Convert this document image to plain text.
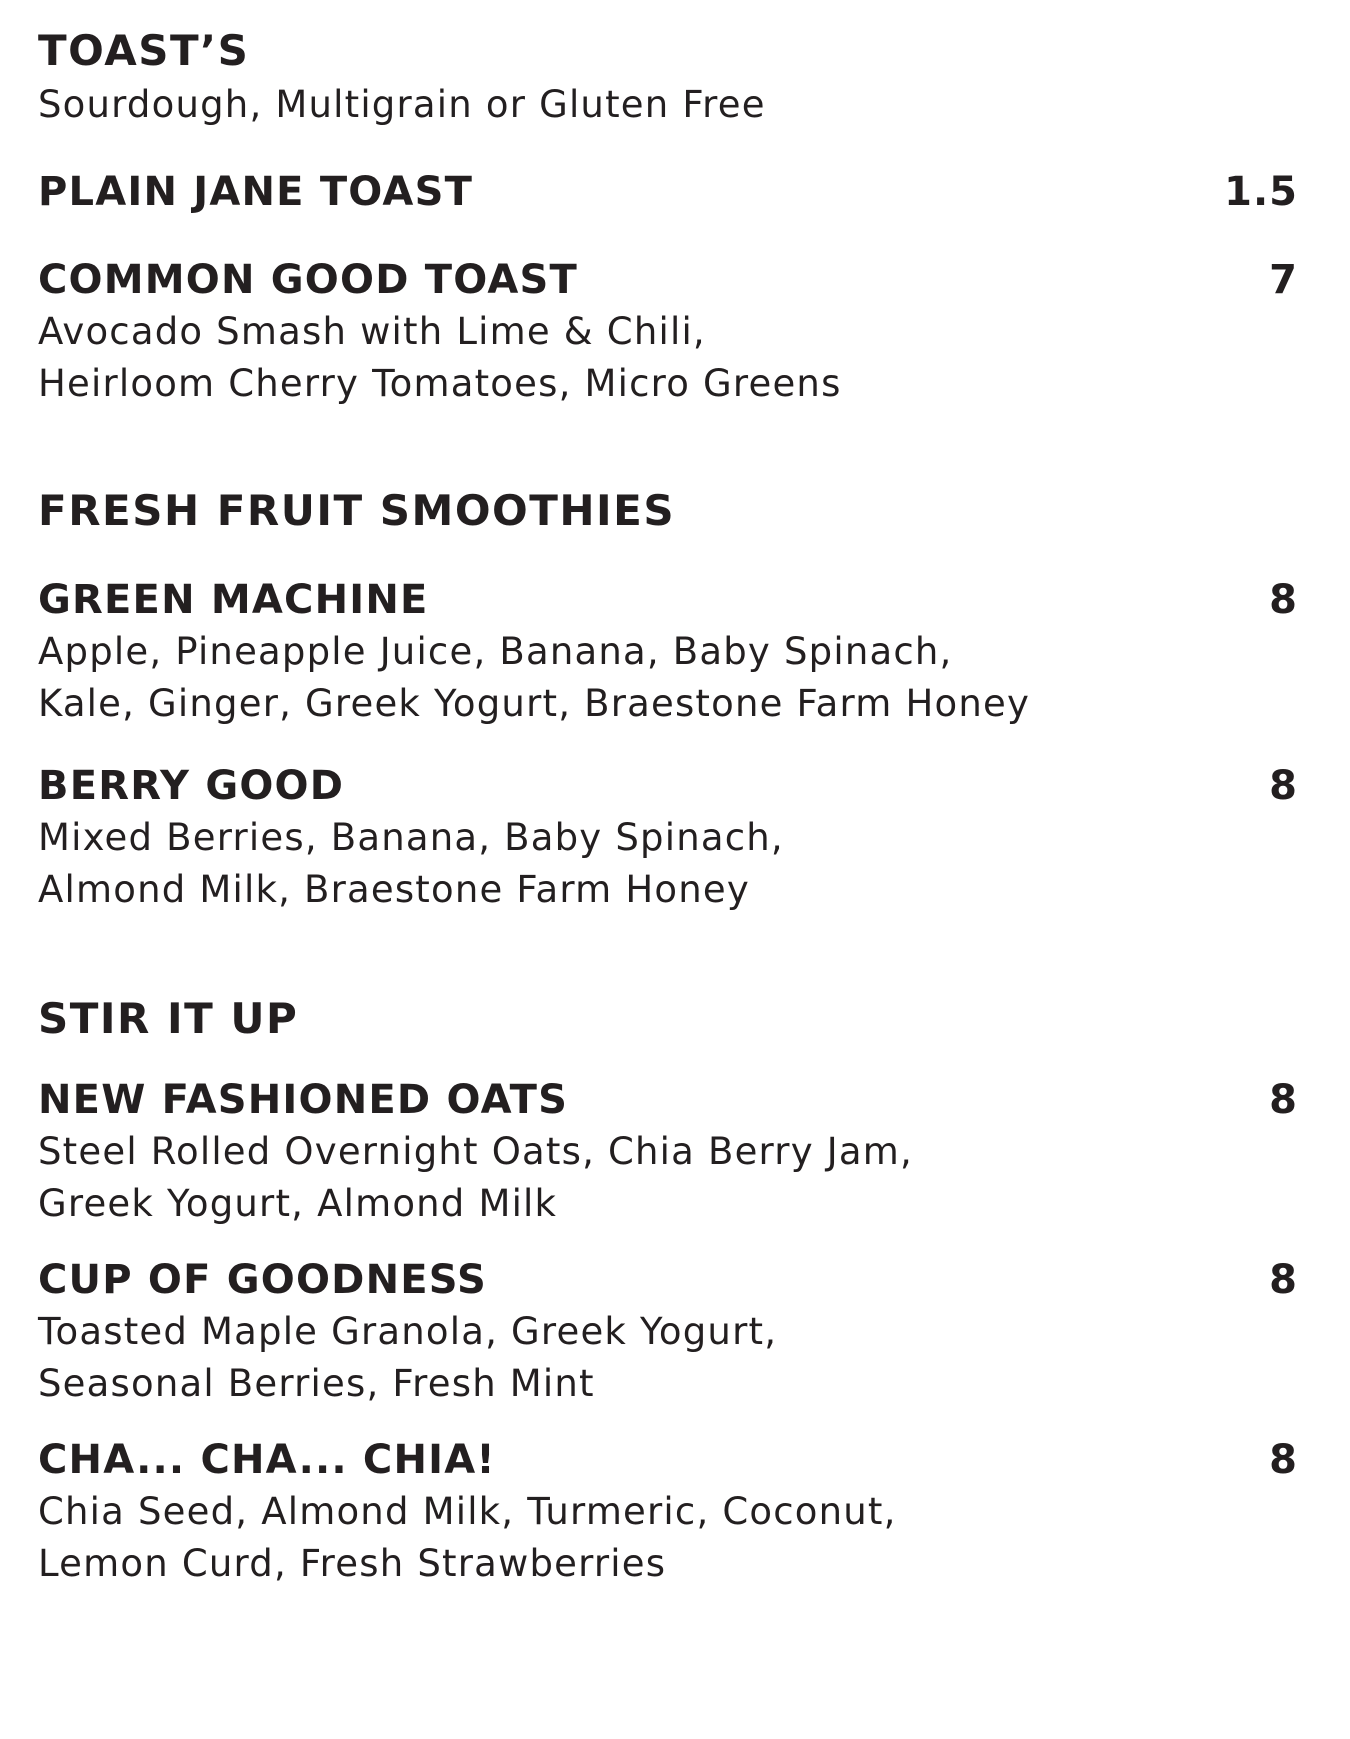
TOAST’S

Sourdough, Multigrain or Gluten Free

PLAIN JANE TOAST	1.5
COMMON GOOD TOAST	7
Avocado Smash with Lime & Chili,
Heirloom Cherry Tomatoes, Micro Greens
FRESH FRUIT SMOOTHIES
GREEN MACHINE	8
Apple, Pineapple Juice, Banana, Baby Spinach,
Kale, Ginger, Greek Yogurt, Braestone Farm Honey
BERRY GOOD	8
Mixed Berries, Banana, Baby Spinach,
Almond Milk, Braestone Farm Honey
STIR IT UP
NEW FASHIONED OATS	8
Steel Rolled Overnight Oats, Chia Berry Jam,
Greek Yogurt, Almond Milk
CUP OF GOODNESS	8
Toasted Maple Granola, Greek Yogurt,
Seasonal Berries, Fresh Mint
CHA... CHA... CHIA!	8
Chia Seed, Almond Milk, Turmeric, Coconut,
Lemon Curd, Fresh Strawberries
